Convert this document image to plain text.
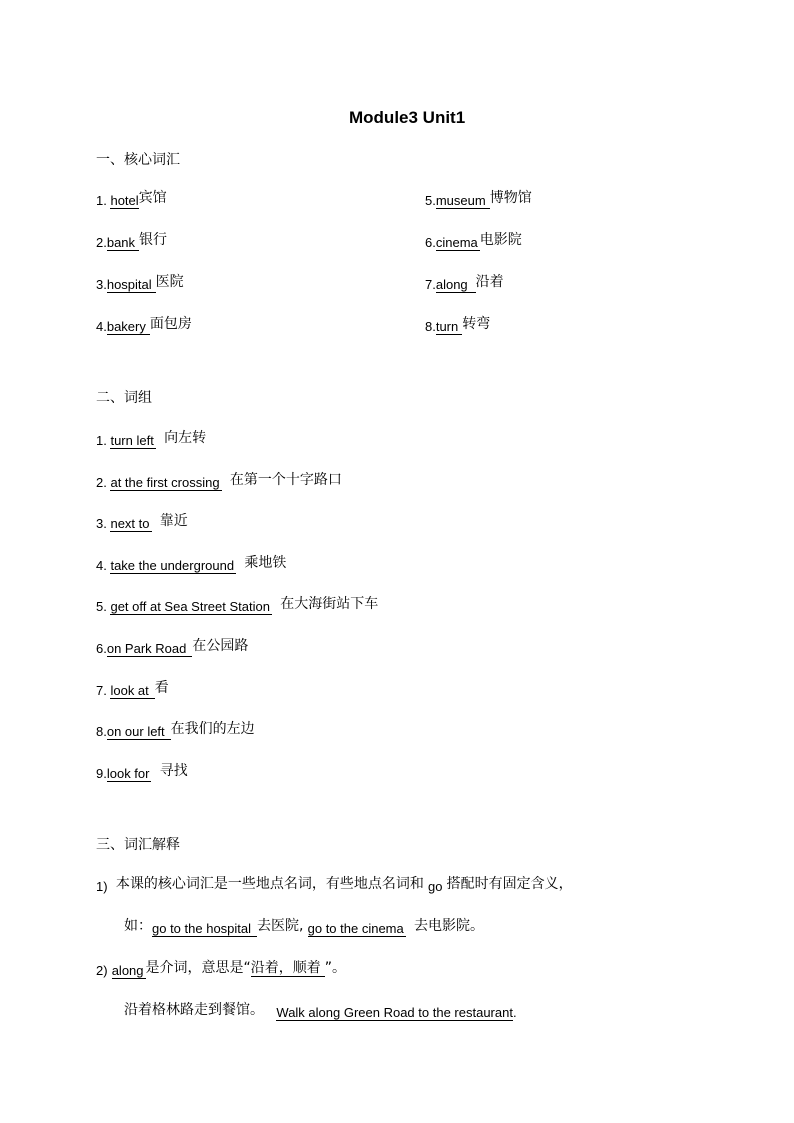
Module3 Unit1
一、核心词汇
1. hotel宾馆
2.bank 银行
3.hospital 医院
4.bakery 面包房
5.museum 博物馆
6.cinema 电影院
7.along 沿着
8.turn 转弯
二、词组
1. turn left 向左转
2. at the first crossing 在第一个十字路口
3. next to 靠近
4. take the underground 乘地铁
5. get off at Sea Street Station 在大海街站下车
6.on Park Road 在公园路
7. look at 看
8.on our left 在我们的左边
9.look for 寻找
三、词汇解释
1) 本课的核心词汇是一些地点名词，有些地点名词和 go 搭配时有固定含义，
如：go to the hospital 去医院, go to the cinema 去电影院。
2) along 是介词，意思是“沿着，顺着 ”。
沿着格林路走到餐馆。 Walk along Green Road to the restaurant.
